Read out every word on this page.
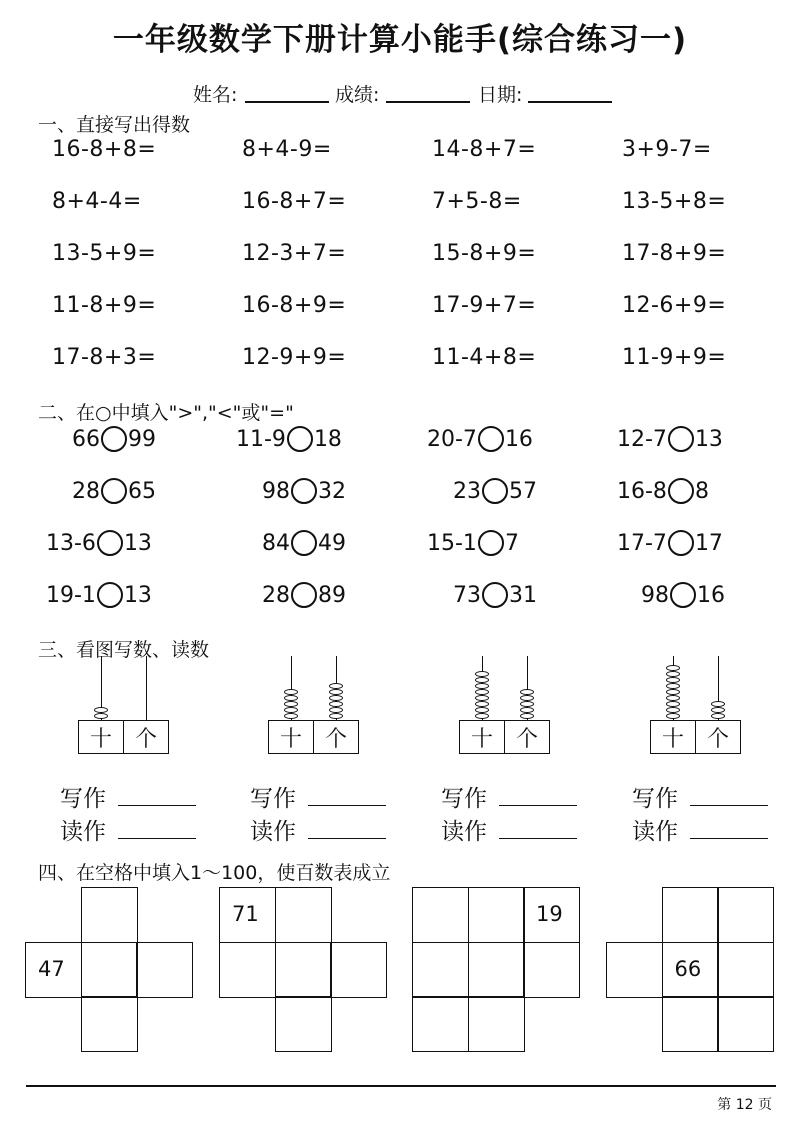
一年级数学下册计算小能手(综合练习一)
姓名:	成绩:	日期:
一、直接写出得数
16-8+8=	8+4-9=	14-8+7=	3+9-7=
8+4-4=	16-8+7=	7+5-8=	13-5+8=
13-5+9=	12-3+7=	15-8+9=	17-8+9=
11-8+9=	16-8+9=	17-9+7=	12-6+9=
17-8+3=	12-9+9=	11-4+8=	11-9+9=
二、在○中填入">","<"或"="
66 99	11-9 18	20-7 16	12-7 13
28 65	98 32	23 57	16-8 8
13-6 13	84 49	15-1 7	17-7 17
19-1 13	28 89	73 31	98 16
三、看图写数、读数
十	个
写作
读作
十	个
写作
读作
十	个
写作
读作
十	个
写作
读作
四、在空格中填入1～100，使百数表成立
47
71	19
66
第 12 页
